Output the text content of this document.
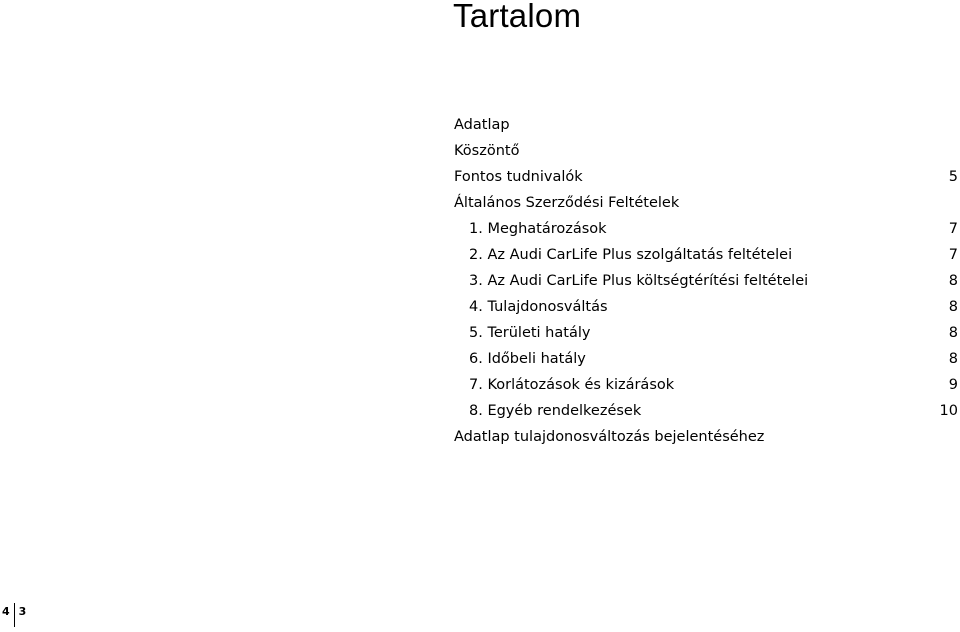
Tartalom
Adatlap
Köszöntő
Fontos tudnivalók	5
Általános Szerződési Feltételek
1. Meghatározások	7
2. Az Audi CarLife Plus szolgáltatás feltételei	7
3. Az Audi CarLife Plus költségtérítési feltételei	8
4. Tulajdonosváltás	8
5. Területi hatály	8
6. Időbeli hatály	8
7. Korlátozások és kizárások	9
8. Egyéb rendelkezések	10
Adatlap tulajdonosváltozás bejelentéséhez
4 3
